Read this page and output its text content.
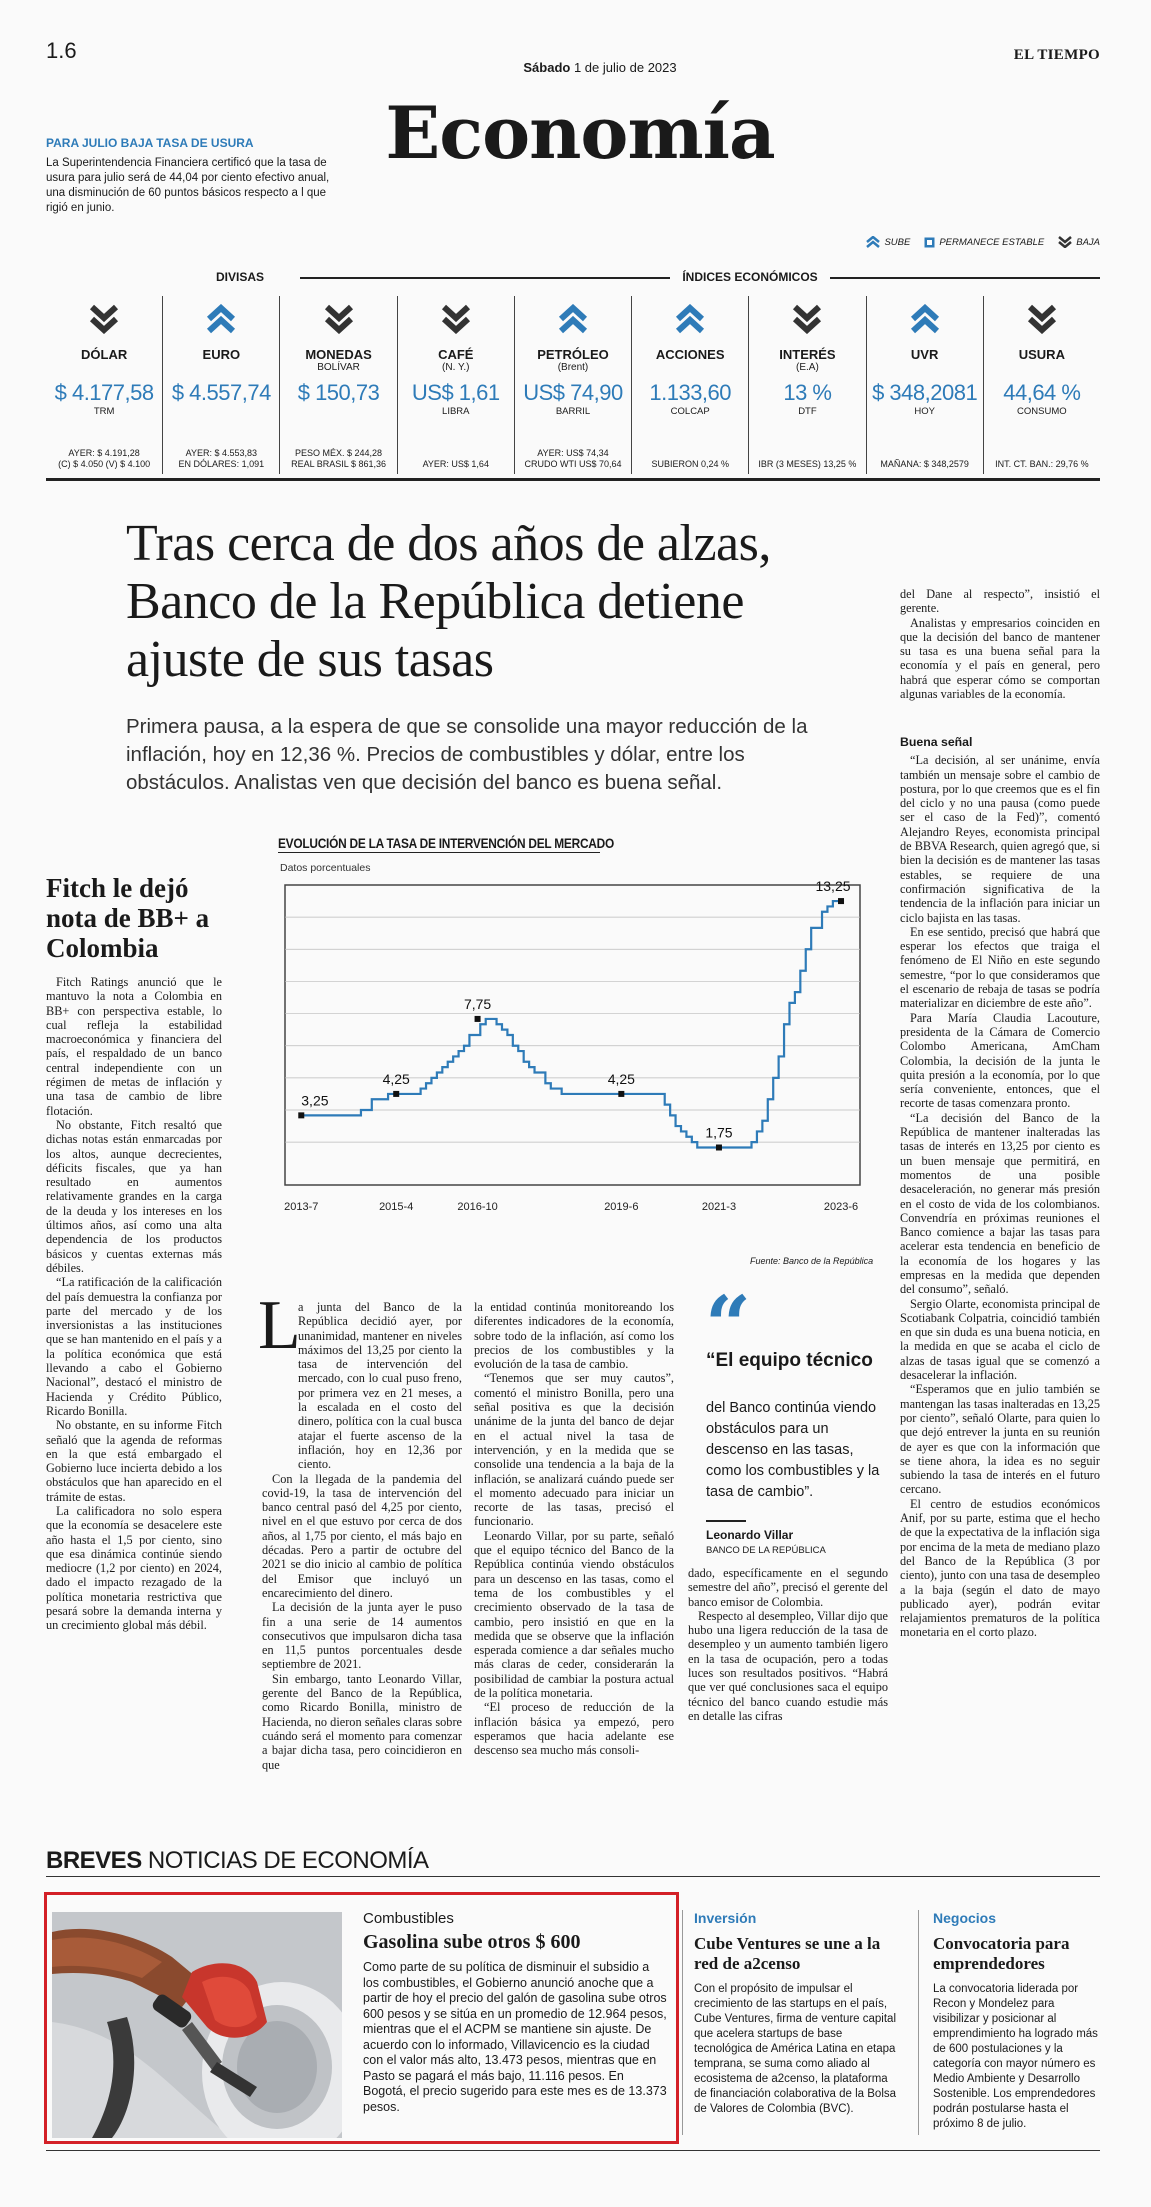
1.6
Sábado 1 de julio de 2023
EL TIEMPO
Economía
PARA JULIO BAJA TASA DE USURA
La Superintendencia Financiera certificó que la tasa de usura para julio será de 44,04 por ciento efectivo anual, una disminución de 60 puntos básicos respecto a l que rigió en junio.
SUBE	PERMANECE ESTABLE	BAJA
DIVISAS	ÍNDICES ECONÓMICOS
DÓLAR
$ 4.177,58
TRM
AYER: $ 4.191,28
(C) $ 4.050 (V) $ 4.100
EURO
$ 4.557,74
AYER: $ 4.553,83
EN DÓLARES: 1,091
MONEDAS
BOLÍVAR
$ 150,73
PESO MÉX. $ 244,28
REAL BRASIL $ 861,36
CAFÉ
(N. Y.)
US$ 1,61
LIBRA
AYER: US$ 1,64
PETRÓLEO
(Brent)
US$ 74,90
BARRIL
AYER: US$ 74,34
CRUDO WTI US$ 70,64
ACCIONES
1.133,60
COLCAP
SUBIERON 0,24 %
INTERÉS
(E.A)
13 %
DTF
IBR (3 MESES) 13,25 %
UVR
$ 348,2081
HOY
MAÑANA: $ 348,2579
USURA
44,64 %
CONSUMO
INT. CT. BAN.: 29,76 %
Tras cerca de dos años de alzas, Banco de la República detiene ajuste de sus tasas
Primera pausa, a la espera de que se consolide una mayor reducción de la inflación, hoy en 12,36 %. Precios de combustibles y dólar, entre los obstáculos. Analistas ven que decisión del banco es buena señal.

del Dane al respecto”, insistió el gerente.

Analistas y empresarios coinciden en que la decisión del banco de mantener su tasa es una buena señal para la economía y el país en general, pero habrá que esperar cómo se comportan algunas variables de la economía.

Buena señal

“La decisión, al ser unánime, envía también un mensaje sobre el cambio de postura, por lo que creemos que es el fin del ciclo y no una pausa (como puede ser el caso de la Fed)”, comentó Alejandro Reyes, economista principal de BBVA Research, quien agregó que, si bien la decisión es de mantener las tasas estables, se requiere de una confirmación significativa de la tendencia de la inflación para iniciar un ciclo bajista en las tasas.

En ese sentido, precisó que habrá que esperar los efectos que traiga el fenómeno de El Niño en este segundo semestre, “por lo que consideramos que el escenario de rebaja de tasas se podría materializar en diciembre de este año”.

Para María Claudia Lacouture, presidenta de la Cámara de Comercio Colombo Americana, AmCham Colombia, la decisión de la junta le quita presión a la economía, por lo que sería conveniente, entonces, que el recorte de tasas comenzara pronto.

“La decisión del Banco de la República de mantener inalteradas las tasas de interés en 13,25 por ciento es un buen mensaje que permitirá, en momentos de una posible desaceleración, no generar más presión en el costo de vida de los colombianos. Convendría en próximas reuniones el Banco comience a bajar las tasas para acelerar esta tendencia en beneficio de la economía de los hogares y las empresas en la medida que dependen del consumo”, señaló.

Sergio Olarte, economista principal de Scotiabank Colpatria, coincidió también en que sin duda es una buena noticia, en la medida en que se acaba el ciclo de alzas de tasas igual que se comenzó a desacelerar la inflación.

“Esperamos que en julio también se mantengan las tasas inalteradas en 13,25 por ciento”, señaló Olarte, para quien lo que dejó entrever la junta en su reunión de ayer es que con la información que se tiene ahora, la idea es no seguir subiendo la tasa de interés en el futuro cercano.

El centro de estudios económicos Anif, por su parte, estima que el hecho de que la expectativa de la inflación siga por encima de la meta de mediano plazo del Banco de la República (3 por ciento), junto con una tasa de desempleo a la baja (según el dato de mayo publicado ayer), podrán evitar relajamientos prematuros de la política monetaria en el corto plazo.

Fitch le dejó nota de BB+ a Colombia

Fitch Ratings anunció que le mantuvo la nota a Colombia en BB+ con perspectiva estable, lo cual refleja la estabilidad macroeconómica y financiera del país, el respaldado de un banco central independiente con un régimen de metas de inflación y una tasa de cambio de libre flotación.

No obstante, Fitch resaltó que dichas notas están enmarcadas por los altos, aunque decrecientes, déficits fiscales, que ya han resultado en aumentos relativamente grandes en la carga de la deuda y los intereses en los últimos años, así como una alta dependencia de los productos básicos y cuentas externas más débiles.

“La ratificación de la calificación del país demuestra la confianza por parte del mercado y de los inversionistas a las instituciones que se han mantenido en el país y a la política económica que está llevando a cabo el Gobierno Nacional”, destacó el ministro de Hacienda y Crédito Público, Ricardo Bonilla.

No obstante, en su informe Fitch señaló que la agenda de reformas en la que está embargado el Gobierno luce incierta debido a los obstáculos que han aparecido en el trámite de estas.

La calificadora no solo espera que la economía se desacelere este año hasta el 1,5 por ciento, sino que esa dinámica continúe siendo mediocre (1,2 por ciento) en 2024, dado el impacto rezagado de la política monetaria restrictiva que pesará sobre la demanda interna y un crecimiento global más débil.

EVOLUCIÓN DE LA TASA DE INTERVENCIÓN DEL MERCADO
Datos porcentuales
3,25
4,25
7,75
4,25
1,75
13,25
2013-7	2015-4	2016-10	2019-6	2021-3	2023-6
Fuente: Banco de la República
L

a junta del Banco de la República decidió ayer, por unanimidad, mantener en niveles máximos del 13,25 por ciento la tasa de intervención del mercado, con lo cual puso freno, por primera vez en 21 meses, a la escalada en el costo del dinero, política con la cual busca atajar el fuerte ascenso de la inflación, hoy en 12,36 por ciento.

Con la llegada de la pandemia del covid-19, la tasa de intervención del banco central pasó del 4,25 por ciento, nivel en el que estuvo por cerca de dos años, al 1,75 por ciento, el más bajo en décadas. Pero a partir de octubre del 2021 se dio inicio al cambio de política del Emisor que incluyó un encarecimiento del dinero.

La decisión de la junta ayer le puso fin a una serie de 14 aumentos consecutivos que impulsaron dicha tasa en 11,5 puntos porcentuales desde septiembre de 2021.

Sin embargo, tanto Leonardo Villar, gerente del Banco de la República, como Ricardo Bonilla, ministro de Hacienda, no dieron señales claras sobre cuándo será el momento para comenzar a bajar dicha tasa, pero coincidieron en que

la entidad continúa monitoreando los diferentes indicadores de la economía, sobre todo de la inflación, así como los precios de los combustibles y la evolución de la tasa de cambio.

“Tenemos que ser muy cautos”, comentó el ministro Bonilla, pero una señal positiva es que la decisión unánime de la junta del banco de dejar en el actual nivel la tasa de intervención, y en la medida que se consolide una tendencia a la baja de la inflación, se analizará cuándo puede ser el momento adecuado para iniciar un recorte de las tasas, precisó el funcionario.

Leonardo Villar, por su parte, señaló que el equipo técnico del Banco de la República continúa viendo obstáculos para un descenso en las tasas, como el tema de los combustibles y el crecimiento observado de la tasa de cambio, pero insistió en que en la medida que se observe que la inflación esperada comience a dar señales mucho más claras de ceder, considerarán la posibilidad de cambiar la postura actual de la política monetaria.

“El proceso de reducción de la inflación básica ya empezó, pero esperamos que hacia adelante ese descenso sea mucho más consoli-

dado, específicamente en el segundo semestre del año”, precisó el gerente del banco emisor de Colombia.

Respecto al desempleo, Villar dijo que hubo una ligera reducción de la tasa de desempleo y un aumento también ligero en la tasa de ocupación, pero a todas luces son resultados positivos. “Habrá que ver qué conclusiones saca el equipo técnico del banco cuando estudie más en detalle las cifras

“
“El equipo técnico
del Banco continúa viendo obstáculos para un descenso en las tasas, como los combustibles y la tasa de cambio”.
Leonardo Villar
BANCO DE LA REPÚBLICA
BREVES NOTICIAS DE ECONOMÍA
Combustibles
Gasolina sube otros $ 600
Como parte de su política de disminuir el subsidio a los combustibles, el Gobierno anunció anoche que a partir de hoy el precio del galón de gasolina sube otros 600 pesos y se sitúa en un promedio de 12.964 pesos, mientras que el el ACPM se mantiene sin ajuste. De acuerdo con lo informado, Villavicencio es la ciudad con el valor más alto, 13.473 pesos, mientras que en Pasto se pagará el más bajo, 11.116 pesos. En Bogotá, el precio sugerido para este mes es de 13.373 pesos.
Inversión
Cube Ventures se une a la red de a2censo
Con el propósito de impulsar el crecimiento de las startups en el país, Cube Ventures, firma de venture capital que acelera startups de base tecnológica de América Latina en etapa temprana, se suma como aliado al ecosistema de a2censo, la plataforma de financiación colaborativa de la Bolsa de Valores de Colombia (BVC).
Negocios
Convocatoria para emprendedores
La convocatoria liderada por Recon y Mondelez para visibilizar y posicionar al emprendimiento ha logrado más de 600 postulaciones y la categoría con mayor número es Medio Ambiente y Desarrollo Sostenible. Los emprendedores podrán postularse hasta el próximo 8 de julio.
